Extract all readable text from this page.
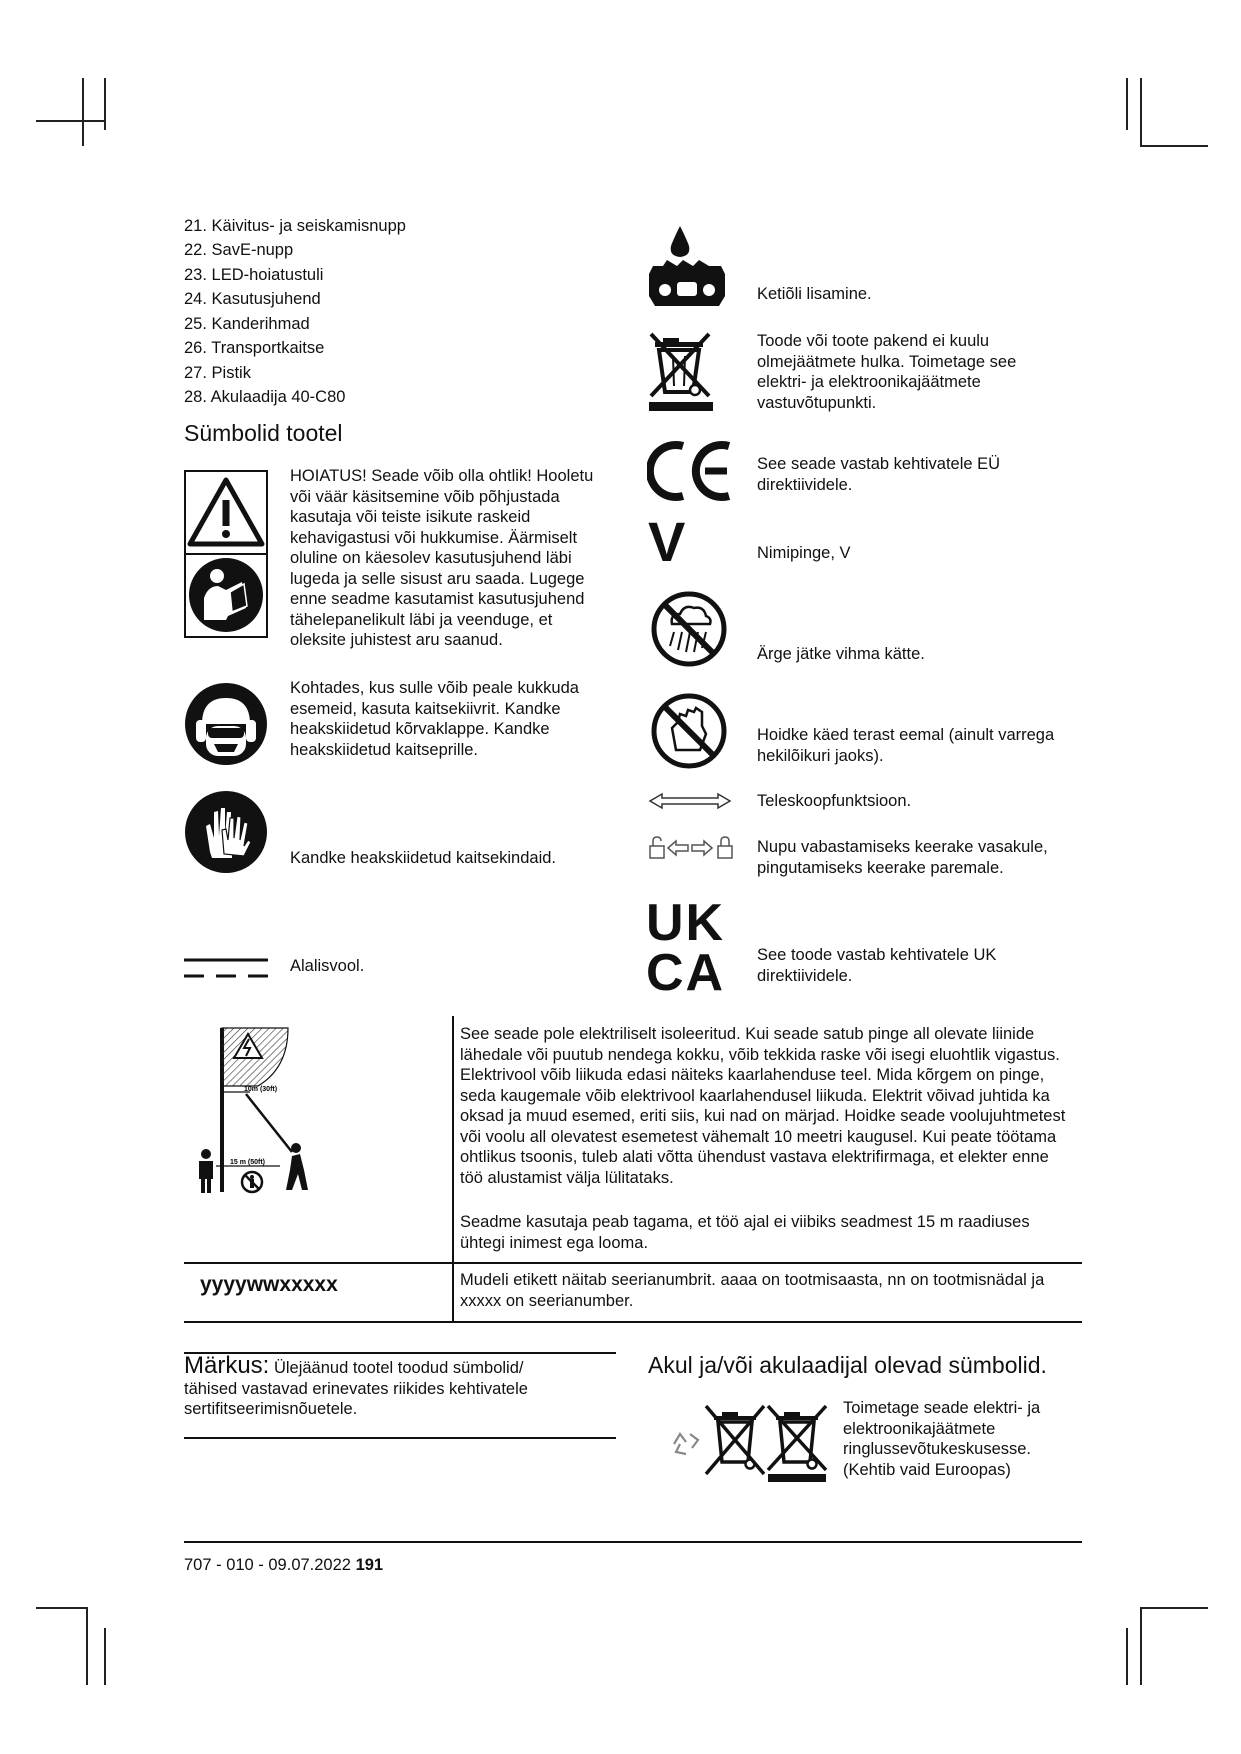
21. Käivitus- ja seiskamisnupp
22. SavE-nupp
23. LED-hoiatustuli
24. Kasutusjuhend
25. Kanderihmad
26. Transportkaitse
27. Pistik
28. Akulaadija 40-C80
Sümbolid tootel
HOIATUS! Seade võib olla ohtlik! Hooletu või väär käsitsemine võib põhjustada kasutaja või teiste isikute raskeid kehavigastusi või hukkumise. Äärmiselt oluline on käesolev kasutusjuhend läbi lugeda ja selle sisust aru saada. Lugege enne seadme kasutamist kasutusjuhend tähelepanelikult läbi ja veenduge, et oleksite juhistest aru saanud.
Kohtades, kus sulle võib peale kukkuda esemeid, kasuta kaitsekiivrit. Kandke heakskiidetud kõrvaklappe. Kandke heakskiidetud kaitseprille.
Kandke heakskiidetud kaitsekindaid.
Alalisvool.
Ketiõli lisamine.
Toode või toote pakend ei kuulu olmejäätmete hulka. Toimetage see elektri- ja elektroonikajäätmete vastuvõtupunkti.
See seade vastab kehtivatele EÜ direktiividele.
V	Nimipinge, V
Ärge jätke vihma kätte.
Hoidke käed terast eemal (ainult varrega hekilõikuri jaoks).
Teleskoopfunktsioon.
Nupu vabastamiseks keerake vasakule, pingutamiseks keerake paremale.
UK
CA See toode vastab kehtivatele UK direktiividele.
10m (30ft)
15 m (50ft)
See seade pole elektriliselt isoleeritud. Kui seade satub pinge all olevate liinide lähedale või puutub nendega kokku, võib tekkida raske või isegi eluohtlik vigastus. Elektrivool võib liikuda edasi näiteks kaarlahenduse teel. Mida kõrgem on pinge, seda kaugemale võib elektrivool kaarlahendusel liikuda. Elektrit võivad juhtida ka oksad ja muud esemed, eriti siis, kui nad on märjad. Hoidke seade voolujuhtmetest või voolu all olevatest esemetest vähemalt 10 meetri kaugusel. Kui peate töötama ohtlikus tsoonis, tuleb alati võtta ühendust vastava elektrifirmaga, et elekter enne töö alustamist välja lülitataks.
Seadme kasutaja peab tagama, et töö ajal ei viibiks seadmest 15 m raadiuses ühtegi inimest ega looma.
yyyywwxxxxx	Mudeli etikett näitab seerianumbrit. aaaa on tootmisaasta, nn on tootmisnädal ja xxxxx on seerianumber.
Märkus: Ülejäänud tootel toodud sümbolid/ tähised vastavad erinevates riikides kehtivatele sertifitseerimisnõuetele.
Akul ja/või akulaadijal olevad sümbolid.
Toimetage seade elektri- ja elektroonikajäätmete ringlussevõtukeskusesse. (Kehtib vaid Euroopas)
707 - 010 - 09.07.2022 191
